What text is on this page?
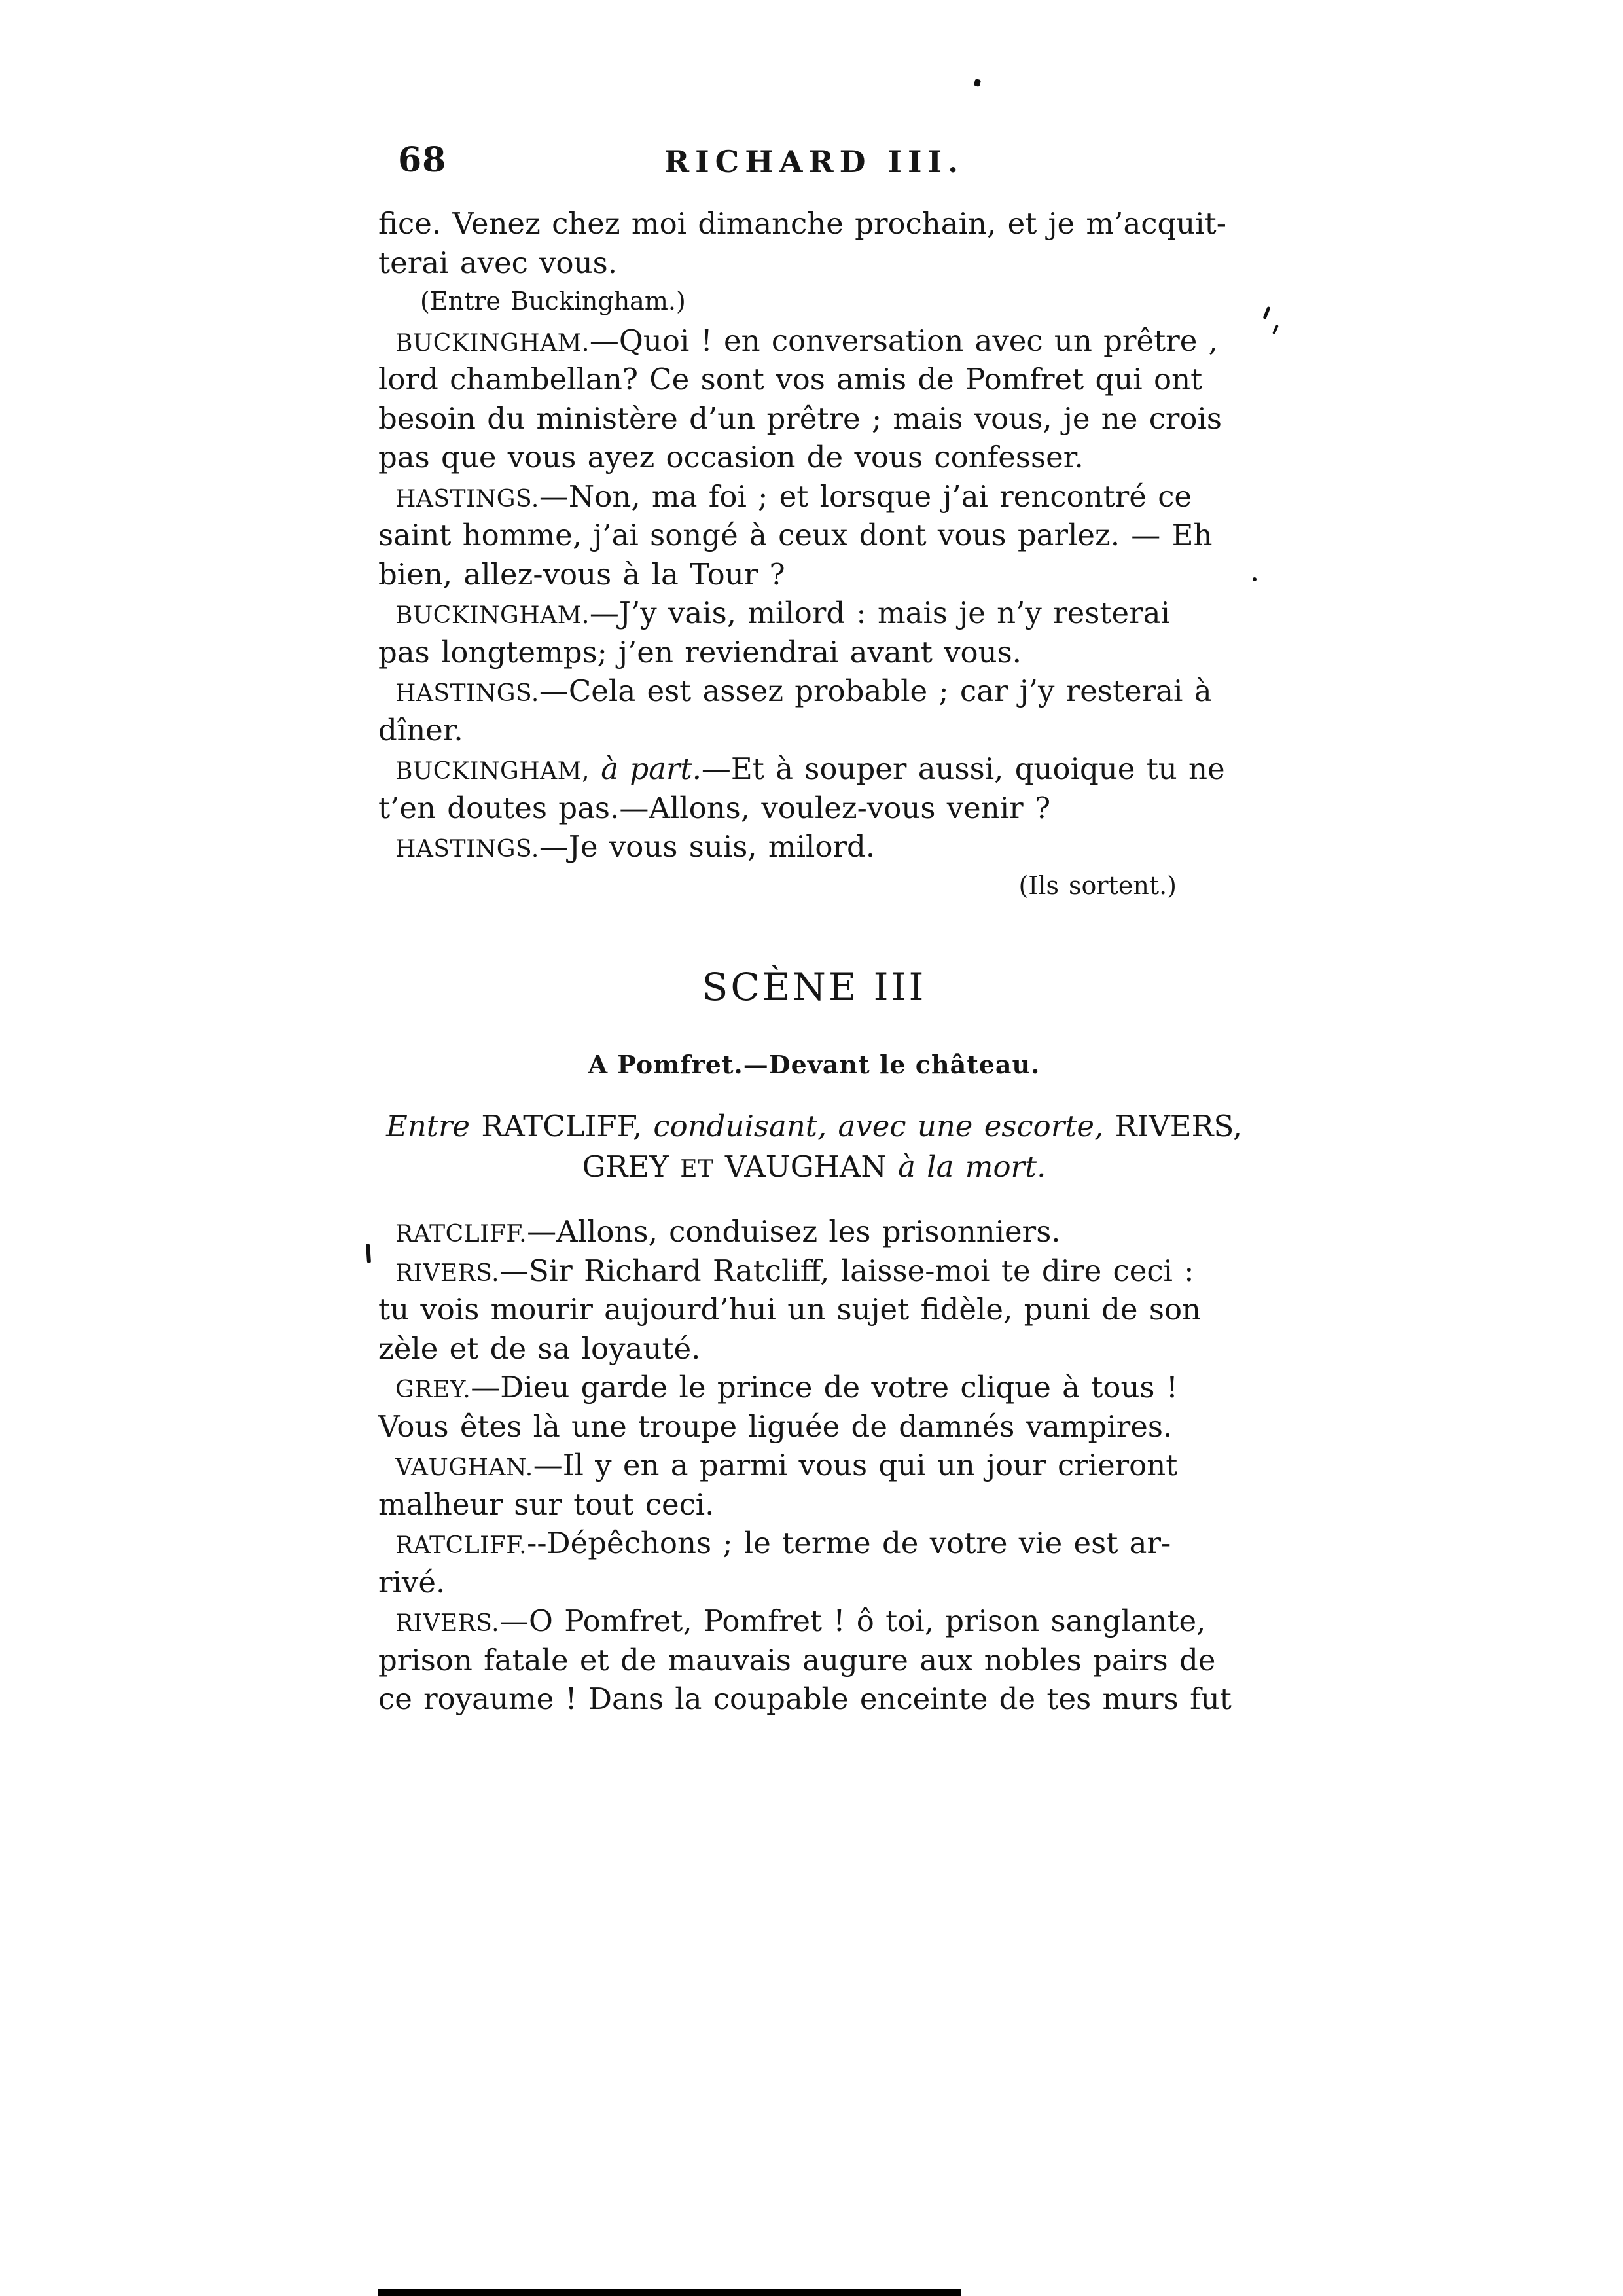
68	RICHARD III.
fice. Venez chez moi dimanche prochain, et je m’acquit-
terai avec vous.
(Entre Buckingham.)
BUCKINGHAM.—Quoi ! en conversation avec un prêtre ,
lord chambellan? Ce sont vos amis de Pomfret qui ont
besoin du ministère d’un prêtre ; mais vous, je ne crois
pas que vous ayez occasion de vous confesser.
HASTINGS.—Non, ma foi ; et lorsque j’ai rencontré ce
saint homme, j’ai songé à ceux dont vous parlez. — Eh
bien, allez-vous à la Tour ?
BUCKINGHAM.—J’y vais, milord : mais je n’y resterai
pas longtemps; j’en reviendrai avant vous.
HASTINGS.—Cela est assez probable ; car j’y resterai à
dîner.
BUCKINGHAM, à part.—Et à souper aussi, quoique tu ne
t’en doutes pas.—Allons, voulez-vous venir ?
HASTINGS.—Je vous suis, milord.
(Ils sortent.)
SCÈNE III
A Pomfret.—Devant le château.
Entre RATCLIFF, conduisant, avec une escorte, RIVERS,
GREY ET VAUGHAN à la mort.
RATCLIFF.—Allons, conduisez les prisonniers.
RIVERS.—Sir Richard Ratcliff, laisse-moi te dire ceci :
tu vois mourir aujourd’hui un sujet fidèle, puni de son
zèle et de sa loyauté.
GREY.—Dieu garde le prince de votre clique à tous !
Vous êtes là une troupe liguée de damnés vampires.
VAUGHAN.—Il y en a parmi vous qui un jour crieront
malheur sur tout ceci.
RATCLIFF.--Dépêchons ; le terme de votre vie est ar-
rivé.
RIVERS.—O Pomfret, Pomfret ! ô toi, prison sanglante,
prison fatale et de mauvais augure aux nobles pairs de
ce royaume ! Dans la coupable enceinte de tes murs fut
